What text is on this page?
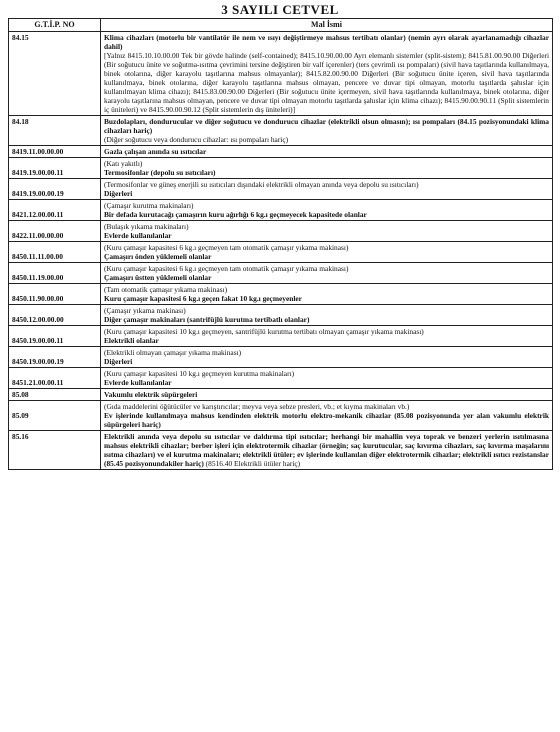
3 SAYILI CETVEL
G.T.İ.P. NO	Mal İsmi
84.15	Klima cihazları (motorlu bir vantilatör ile nem ve ısıyı değiştirmeye mahsus tertibatı olanlar) (nemin ayrı olarak ayarlanamadığı cihazlar dahil)
[Yalnız 8415.10.10.00.00 Tek bir gövde halinde (self-contained); 8415.10.90.00.00 Ayrı elemanlı sistemler (split-sistem); 8415.81.00.90.00 Diğerleri (Bir soğutucu ünite ve soğutma-ısıtma çevrimini tersine değiştiren bir valf içerenler) (ters çevrimli ısı pompaları) (sivil hava taşıtlarında kullanılmaya, binek otolarına, diğer karayolu taşıtlarına mahsus olmayanlar); 8415.82.00.90.00 Diğerleri (Bir soğutucu ünite içeren, sivil hava taşıtlarında kullanılmaya, binek otolarına, diğer karayolu taşıtlarına mahsus olmayan, pencere ve duvar tipi olmayan, motorlu taşıtlarda şahıslar için kullanılmayan klima cihazı); 8415.83.00.90.00 Diğerleri (Bir soğutucu ünite içermeyen, sivil hava taşıtlarında kullanılmaya, binek otolarına, diğer karayolu taşıtlarına mahsus olmayan, pencere ve duvar tipi olmayan motorlu taşıtlarda şahıslar için klima cihazı); 8415.90.00.90.11 (Split sistemlerin iç üniteleri) ve 8415.90.00.90.12 (Split sistemlerin dış üniteleri)]
84.18	Buzdolapları, dondurucular ve diğer soğutucu ve dondurucu cihazlar (elektrikli olsun olmasın); ısı pompaları (84.15 pozisyonundaki klima cihazları hariç)
(Diğer soğutucu veya dondurucu cihazlar: ısı pompaları hariç)
8419.11.00.00.00	Gazla çalışan anında su ısıtıcılar
8419.19.00.00.11	(Katı yakıtlı)
Termosifonlar (depolu su ısıtıcıları)
8419.19.00.00.19	(Termosifonlar ve güneş enerjili su ısıtıcıları dışındaki elektrikli olmayan anında veya depolu su ısıtıcıları)
Diğerleri
8421.12.00.00.11	(Çamaşır kurutma makinaları)
Bir defada kurutacağı çamaşırın kuru ağırlığı 6 kg.ı geçmeyecek kapasitede olanlar
8422.11.00.00.00	(Bulaşık yıkama makinaları)
Evlerde kullanılanlar
8450.11.11.00.00	(Kuru çamaşır kapasitesi 6 kg.ı geçmeyen tam otomatik çamaşır yıkama makinası)
Çamaşırı önden yüklemeli olanlar
8450.11.19.00.00	(Kuru çamaşır kapasitesi 6 kg.ı geçmeyen tam otomatik çamaşır yıkama makinası)
Çamaşırı üstten yüklemeli olanlar
8450.11.90.00.00	(Tam otomatik çamaşır yıkama makinası)
Kuru çamaşır kapasitesi 6 kg.ı geçen fakat 10 kg.ı geçmeyenler
8450.12.00.00.00	(Çamaşır yıkama makinası)
Diğer çamaşır makinaları (santrifüjlü kurutma tertibatlı olanlar)
8450.19.00.00.11	(Kuru çamaşır kapasitesi 10 kg.ı geçmeyen, santrifüjlü kurutma tertibatı olmayan çamaşır yıkama makinası)
Elektrikli olanlar
8450.19.00.00.19	(Elektrikli olmayan çamaşır yıkama makinası)
Diğerleri
8451.21.00.00.11	(Kuru çamaşır kapasitesi 10 kg.ı geçmeyen kurutma makinaları)
Evlerde kullanılanlar
85.08	Vakumlu elektrik süpürgeleri
85.09	(Gıda maddelerini öğütücüler ve karıştırıcılar; meyva veya sebze presleri, vb.; et kıyma makinaları vb.)
Ev işlerinde kullanılmaya mahsus kendinden elektrik motorlu elektro-mekanik cihazlar (85.08 pozisyonunda yer alan vakumlu elektrik süpürgeleri hariç)
85.16	Elektrikli anında veya depolu su ısıtıcılar ve daldırma tipi ısıtıcılar; herhangi bir mahallin veya toprak ve benzeri yerlerin ısıtılmasına mahsus elektrikli cihazlar; berber işleri için elektrotermik cihazlar (örneğin; saç kurutucular, saç kıvırma cihazları, saç kıvırma maşalarını ısıtma cihazları) ve el kurutma makinaları; elektrikli ütüler; ev işlerinde kullanılan diğer elektrotermik cihazlar; elektrikli ısıtıcı rezistanslar (85.45 pozisyonundakiler hariç) (8516.40 Elektrikli ütüler hariç)
